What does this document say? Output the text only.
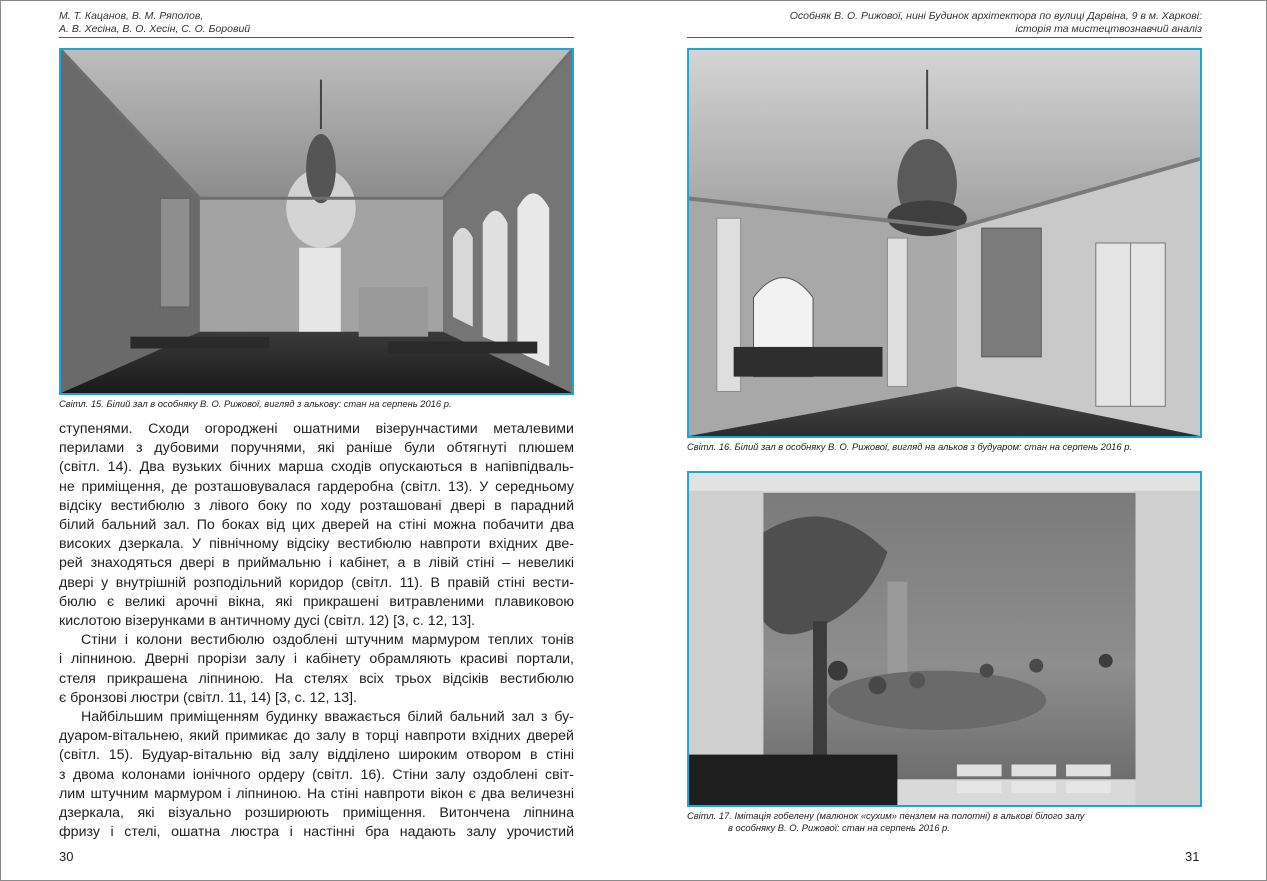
М. Т. Кацанов, В. М. Ряполов,
А. В. Хесіна, В. О. Хесін, С. О. Боровий
Світл. 15. Білий зал в особняку В. О. Рижової, вигляд з альковy: стан на серпень 2016 р.

ступенями. Сходи огороджені ошатними візерунчастими металевими
перилами з дубовими поручнями, які раніше були обтягнуті плюшем
(світл. 14). Два вузьких бічних марша сходів опускаються в напівпідваль-
не приміщення, де розташовувалася гардеробна (світл. 13). У середньому
відсіку вестибюлю з лівого боку по ходу розташовані двері в парадний
білий бальний зал. По боках від цих дверей на стіні можна побачити два
високих дзеркала. У північному відсіку вестибюлю навпроти вхідних две-
рей знаходяться двері в приймальню і кабінет, а в лівій стіні – невеликі
двері у внутрішній розподільний коридор (світл. 11). В правій стіні вести-
бюлю є великі арочні вікна, які прикрашені витравленими плавиковою
кислотою візерунками в античному дусі (світл. 12) [3, с. 12, 13].

Стіни і колони вестибюлю оздоблені штучним мармуром теплих тонів
і ліпниною. Дверні прорізи залу і кабінету обрамляють красиві портали,
стеля прикрашена ліпниною. На стелях всіх трьох відсіків вестибюлю
є бронзові люстри (світл. 11, 14) [3, с. 12, 13].

Найбільшим приміщенням будинку вважається білий бальний зал з бу-
дуаром-вітальнею, який примикає до залу в торці навпроти вхідних дверей
(світл. 15). Будуар-вітальню від залу відділено широким отвором в стіні
з двома колонами іонічного ордеру (світл. 16). Стіни залу оздоблені світ-
лим штучним мармуром і ліпниною. На стіні навпроти вікон є два величезні
дзеркала, які візуально розширюють приміщення. Витончена ліпнина
фризу і стелі, ошатна люстра і настінні бра надають залу урочистий

30
Особняк В. О. Рижової, нині Будинок архітектора по вулиці Дарвіна, 9 в м. Харкові:
історія та мистецтвознавчий аналіз
Світл. 16. Білий зал в особняку В. О. Рижової, вигляд на альков з будуаром: стан на серпень 2016 р.
Світл. 17. Імітація гобелену (малюнок «сухим» пензлем на полотні) в алькові білого залу
в особняку В. О. Рижової: стан на серпень 2016 р.
31
